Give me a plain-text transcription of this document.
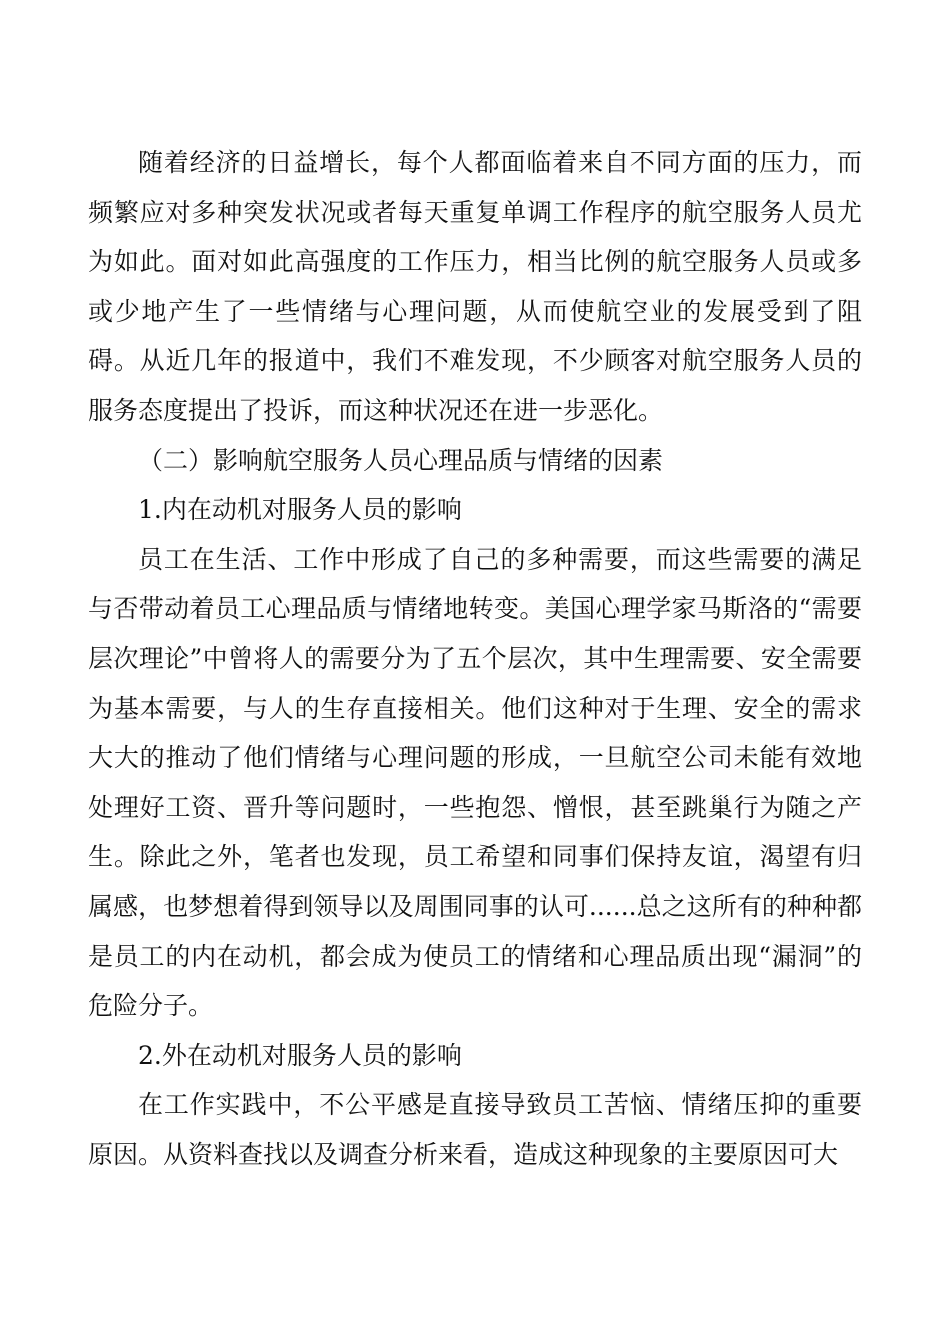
随着经济的日益增长，每个人都面临着来自不同方面的压力，而频繁应对多种突发状况或者每天重复单调工作程序的航空服务人员尤为如此。面对如此高强度的工作压力，相当比例的航空服务人员或多或少地产生了一些情绪与心理问题，从而使航空业的发展受到了阻碍。从近几年的报道中，我们不难发现，不少顾客对航空服务人员的服务态度提出了投诉，而这种状况还在进一步恶化。

（二）影响航空服务人员心理品质与情绪的因素

1.内在动机对服务人员的影响

员工在生活、工作中形成了自己的多种需要，而这些需要的满足与否带动着员工心理品质与情绪地转变。美国心理学家马斯洛的“需要层次理论”中曾将人的需要分为了五个层次，其中生理需要、安全需要为基本需要，与人的生存直接相关。他们这种对于生理、安全的需求大大的推动了他们情绪与心理问题的形成，一旦航空公司未能有效地处理好工资、晋升等问题时，一些抱怨、憎恨，甚至跳巢行为随之产生。除此之外，笔者也发现，员工希望和同事们保持友谊，渴望有归属感，也梦想着得到领导以及周围同事的认可......总之这所有的种种都是员工的内在动机，都会成为使员工的情绪和心理品质出现“漏洞”的危险分子。

2.外在动机对服务人员的影响

在工作实践中，不公平感是直接导致员工苦恼、情绪压抑的重要原因。从资料查找以及调查分析来看，造成这种现象的主要原因可大
